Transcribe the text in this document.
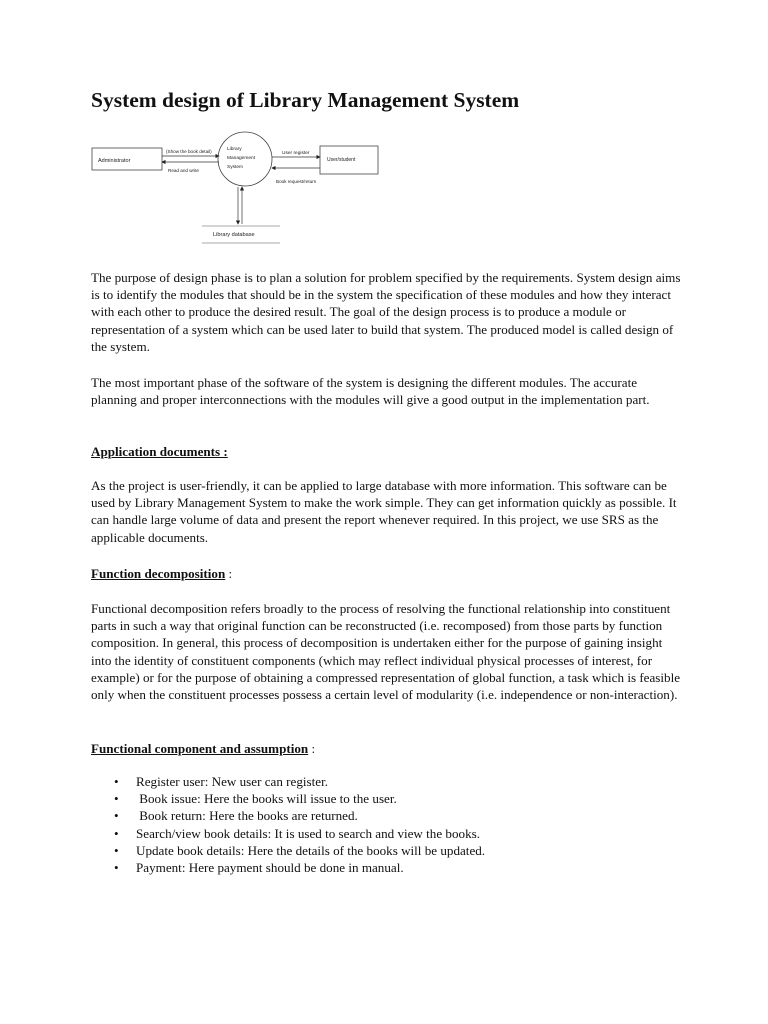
System design of Library Management System
Administrator
(Show the book detail)
Read and write
Library
Management
System
User register
Book request/return
User/student
Library database

The purpose of design phase is to plan a solution for problem specified by the requirements. System design aims is to identify the modules that should be in the system the specification of these modules and how they interact with each other to produce the desired result. The goal of the design process is to produce a module or representation of a system which can be used later to build that system. The produced model is called design of the system.

The most important phase of the software of the system is designing the different modules. The accurate planning and proper interconnections with the modules will give a good output in the implementation part.

Application documents :

As the project is user-friendly, it can be applied to large database with more information. This software can be used by Library Management System to make the work simple. They can get information quickly as possible. It can handle large volume of data and present the report whenever required. In this project, we use SRS as the applicable documents.

Function decomposition :

Functional decomposition refers broadly to the process of resolving the functional relationship into constituent parts in such a way that original function can be reconstructed (i.e. recomposed) from those parts by function composition. In general, this process of decomposition is undertaken either for the purpose of gaining insight into the identity of constituent components (which may reflect individual physical processes of interest, for example) or for the purpose of obtaining a compressed representation of global function, a task which is feasible only when the constituent processes possess a certain level of modularity (i.e. independence or non-interaction).

Functional component and assumption :

• Register user: New user can register.
•  Book issue: Here the books will issue to the user.
•  Book return: Here the books are returned.
• Search/view book details: It is used to search and view the books.
• Update book details: Here the details of the books will be updated.
• Payment: Here payment should be done in manual.
